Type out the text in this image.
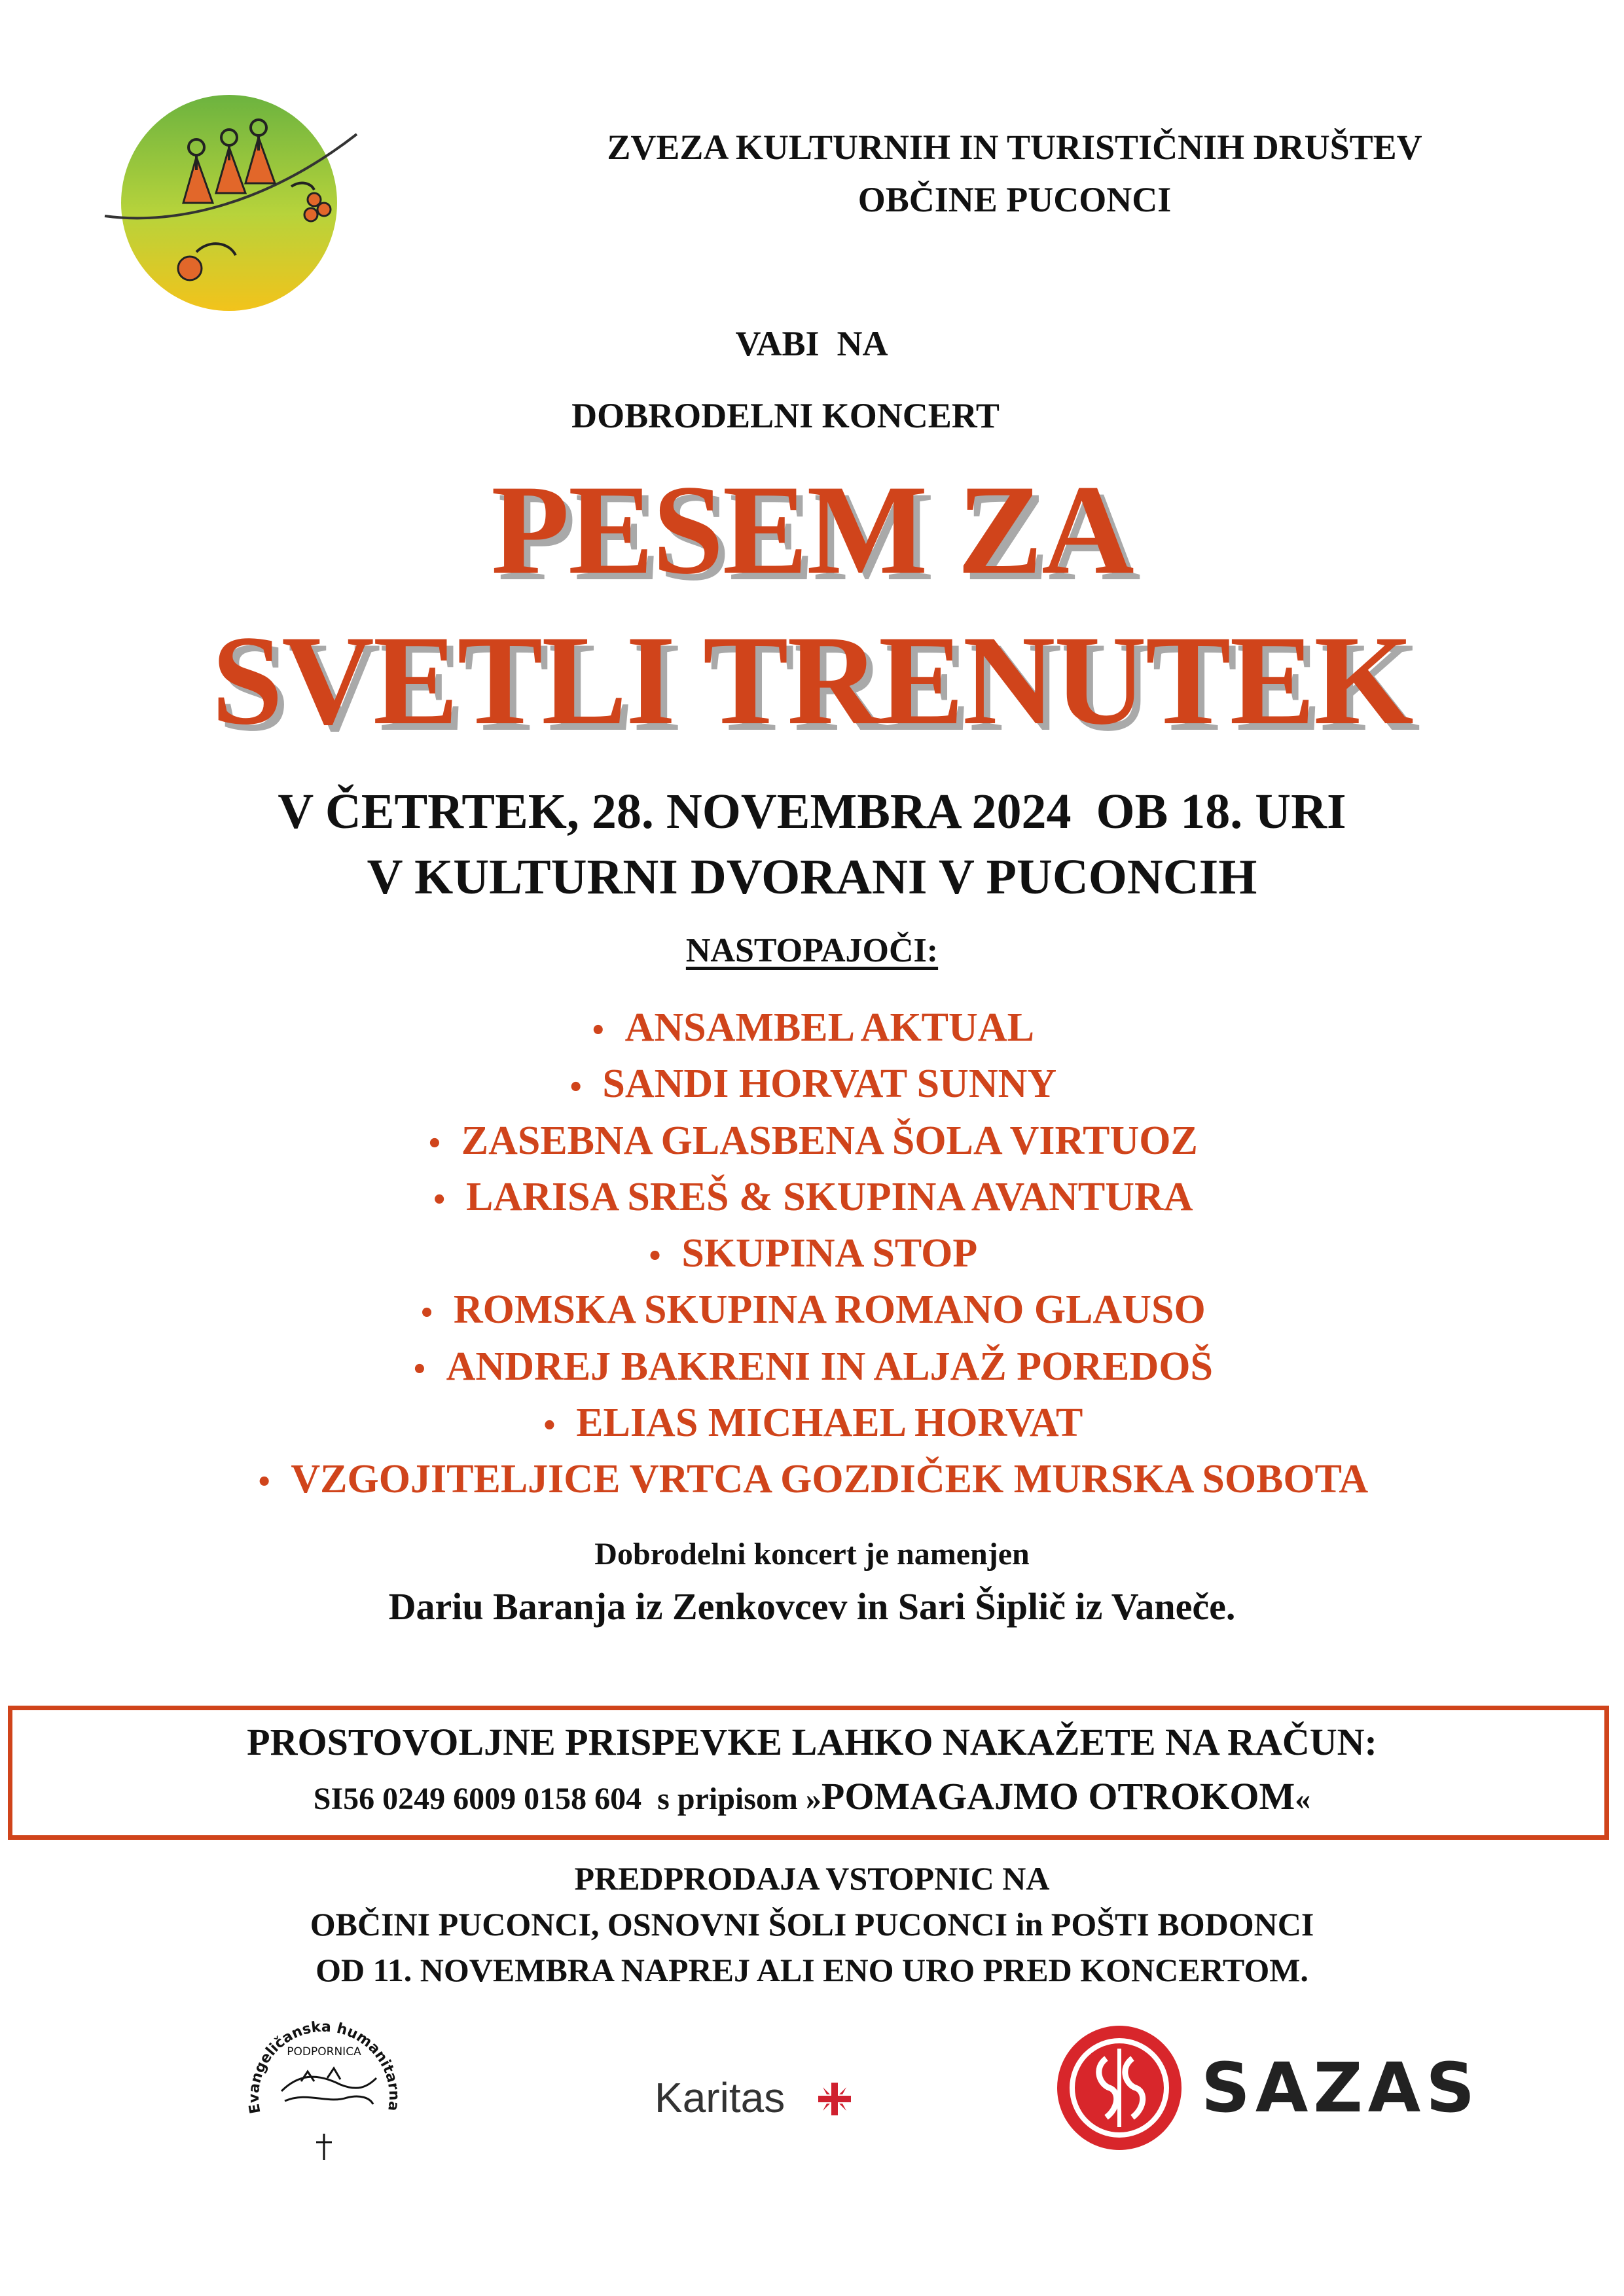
ZVEZA KULTURNIH IN TURISTIČNIH DRUŠTEV
OBČINE PUCONCI
VABI  NA
DOBRODELNI KONCERT
PESEM ZA
SVETLI TRENUTEK
V ČETRTEK, 28. NOVEMBRA 2024  OB 18. URI
V KULTURNI DVORANI V PUCONCIH
NASTOPAJOČI:
• ANSAMBEL AKTUAL
• SANDI HORVAT SUNNY
• ZASEBNA GLASBENA ŠOLA VIRTUOZ
• LARISA SREŠ & SKUPINA AVANTURA
• SKUPINA STOP
• ROMSKA SKUPINA ROMANO GLAUSO
• ANDREJ BAKRENI IN ALJAŽ POREDOŠ
• ELIAS MICHAEL HORVAT
• VZGOJITELJICE VRTCA GOZDIČEK MURSKA SOBOTA
Dobrodelni koncert je namenjen
Dariu Baranja iz Zenkovcev in Sari Šiplič iz Vaneče.
PROSTOVOLJNE PRISPEVKE LAHKO NAKAŽETE NA RAČUN:
SI56 0249 6009 0158 604  s pripisom »POMAGAJMO OTROKOM«
PREDPRODAJA VSTOPNIC NA
OBČINI PUCONCI, OSNOVNI ŠOLI PUCONCI in POŠTI BODONCI
OD 11. NOVEMBRA NAPREJ ALI ENO URO PRED KONCERTOM.
Evangeličanska humanitarna
PODPORNICA
Karitas	SAZAS
